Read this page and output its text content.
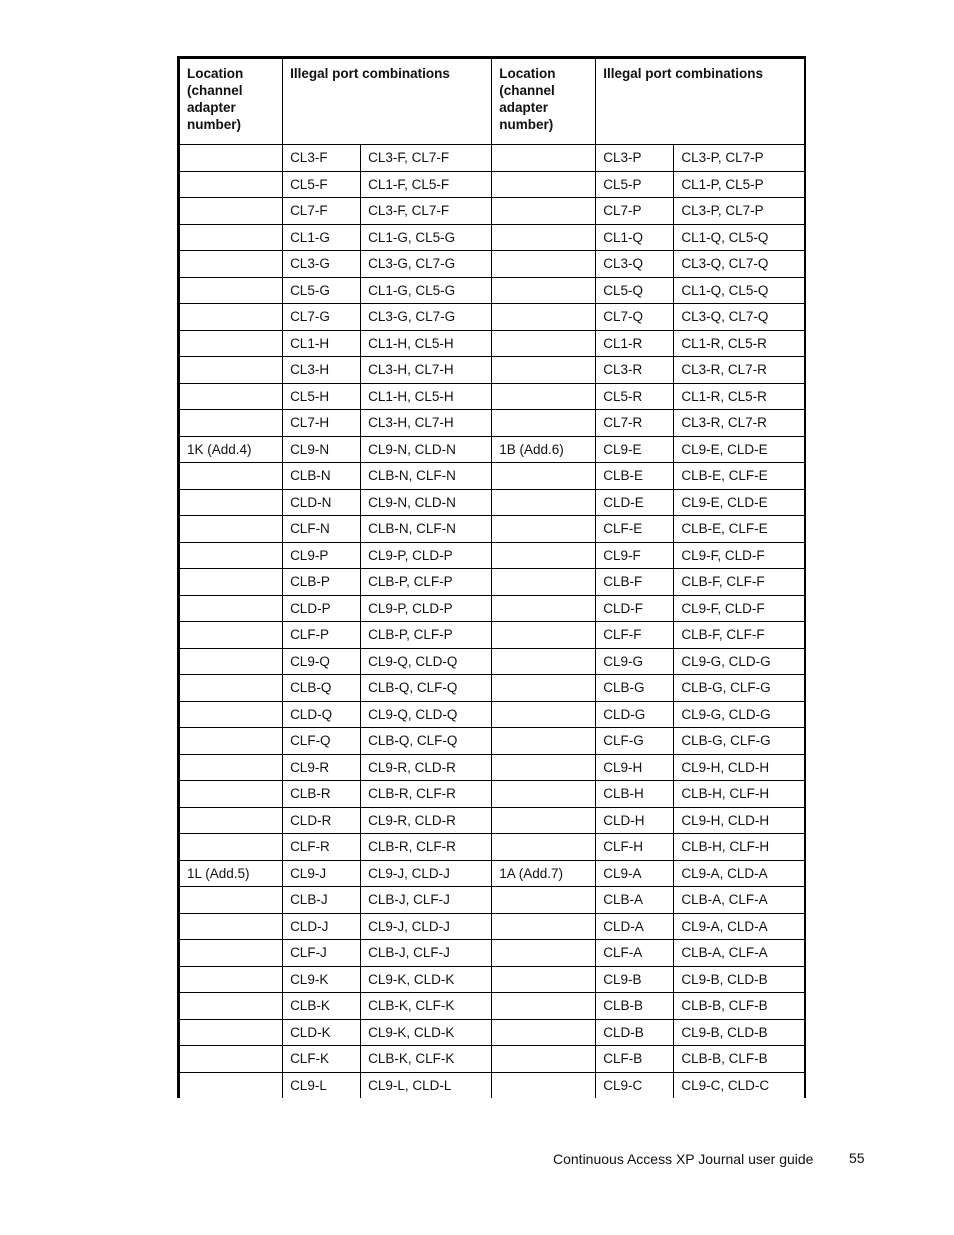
Location (channel adapter number)	Illegal port combinations		Location (channel adapter number)	Illegal port combinations	
	CL3-F	CL3-F, CL7-F		CL3-P	CL3-P, CL7-P
	CL5-F	CL1-F, CL5-F		CL5-P	CL1-P, CL5-P
	CL7-F	CL3-F, CL7-F		CL7-P	CL3-P, CL7-P
	CL1-G	CL1-G, CL5-G		CL1-Q	CL1-Q, CL5-Q
	CL3-G	CL3-G, CL7-G		CL3-Q	CL3-Q, CL7-Q
	CL5-G	CL1-G, CL5-G		CL5-Q	CL1-Q, CL5-Q
	CL7-G	CL3-G, CL7-G		CL7-Q	CL3-Q, CL7-Q
	CL1-H	CL1-H, CL5-H		CL1-R	CL1-R, CL5-R
	CL3-H	CL3-H, CL7-H		CL3-R	CL3-R, CL7-R
	CL5-H	CL1-H, CL5-H		CL5-R	CL1-R, CL5-R
	CL7-H	CL3-H, CL7-H		CL7-R	CL3-R, CL7-R
1K (Add.4)	CL9-N	CL9-N, CLD-N	1B (Add.6)	CL9-E	CL9-E, CLD-E
	CLB-N	CLB-N, CLF-N		CLB-E	CLB-E, CLF-E
	CLD-N	CL9-N, CLD-N		CLD-E	CL9-E, CLD-E
	CLF-N	CLB-N, CLF-N		CLF-E	CLB-E, CLF-E
	CL9-P	CL9-P, CLD-P		CL9-F	CL9-F, CLD-F
	CLB-P	CLB-P, CLF-P		CLB-F	CLB-F, CLF-F
	CLD-P	CL9-P, CLD-P		CLD-F	CL9-F, CLD-F
	CLF-P	CLB-P, CLF-P		CLF-F	CLB-F, CLF-F
	CL9-Q	CL9-Q, CLD-Q		CL9-G	CL9-G, CLD-G
	CLB-Q	CLB-Q, CLF-Q		CLB-G	CLB-G, CLF-G
	CLD-Q	CL9-Q, CLD-Q		CLD-G	CL9-G, CLD-G
	CLF-Q	CLB-Q, CLF-Q		CLF-G	CLB-G, CLF-G
	CL9-R	CL9-R, CLD-R		CL9-H	CL9-H, CLD-H
	CLB-R	CLB-R, CLF-R		CLB-H	CLB-H, CLF-H
	CLD-R	CL9-R, CLD-R		CLD-H	CL9-H, CLD-H
	CLF-R	CLB-R, CLF-R		CLF-H	CLB-H, CLF-H
1L (Add.5)	CL9-J	CL9-J, CLD-J	1A (Add.7)	CL9-A	CL9-A, CLD-A
	CLB-J	CLB-J, CLF-J		CLB-A	CLB-A, CLF-A
	CLD-J	CL9-J, CLD-J		CLD-A	CL9-A, CLD-A
	CLF-J	CLB-J, CLF-J		CLF-A	CLB-A, CLF-A
	CL9-K	CL9-K, CLD-K		CL9-B	CL9-B, CLD-B
	CLB-K	CLB-K, CLF-K		CLB-B	CLB-B, CLF-B
	CLD-K	CL9-K, CLD-K		CLD-B	CL9-B, CLD-B
	CLF-K	CLB-K, CLF-K		CLF-B	CLB-B, CLF-B
	CL9-L	CL9-L, CLD-L		CL9-C	CL9-C, CLD-C
Continuous Access XP Journal user guide	55
